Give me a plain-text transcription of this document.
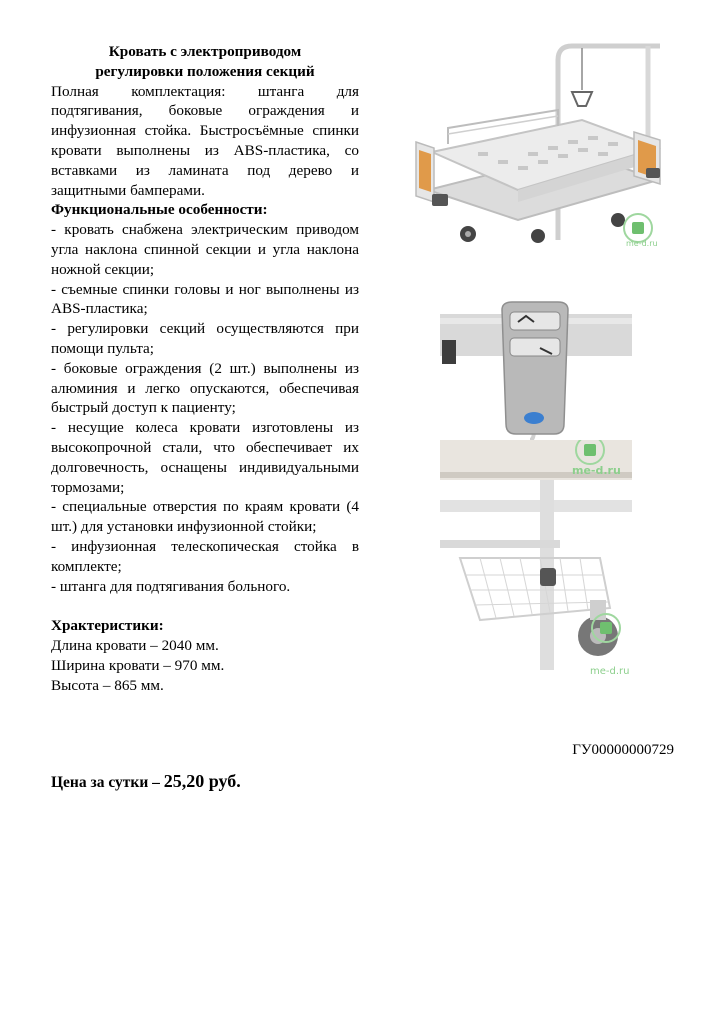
Кровать с электроприводом

регулировки положения секций

Полная комплектация: штанга для подтягивания, боковые ограждения и инфузионная стойка. Быстросъёмные спинки кровати выполнены из ABS-пластика, со вставками из ламината под дерево и защитными бамперами.

Функциональные особенности:

- кровать снабжена электрическим приводом угла наклона спинной секции и угла наклона ножной секции;

- съемные спинки головы и ног выполнены из ABS-пластика;

- регулировки секций осуществляются при помощи пульта;

- боковые ограждения (2 шт.) выполнены из алюминия и легко опускаются, обеспечивая быстрый доступ к пациенту;

- несущие колеса кровати изготовлены из высокопрочной стали, что обеспечивает их долговечность, оснащены индивидуальными тормозами;

- специальные отверстия по краям кровати (4 шт.) для установки инфузионной стойки;

- инфузионная телескопическая стойка в комплекте;

- штанга для подтягивания больного.

Храктеристики:

Длина кровати – 2040 мм.

Ширина кровати – 970 мм.

Высота – 865 мм.

ГУ00000000729
Цена за сутки – 25,20 руб.
me-d.ru
me-d.ru
me-d.ru
